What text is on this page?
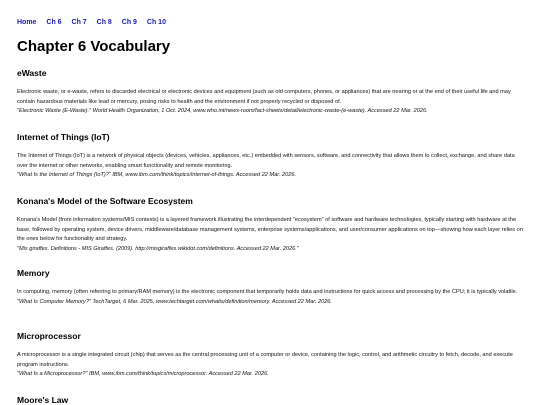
Home Ch 6 Ch 7 Ch 8 Ch 9 Ch 10
Chapter 6 Vocabulary
eWaste

Electronic waste, or e-waste, refers to discarded electrical or electronic devices and equipment (such as old computers, phones, or appliances) that are nearing or at the end of their useful life and may contain hazardous materials like lead or mercury, posing risks to health and the environment if not properly recycled or disposed of.

"Electronic Waste (E-Waste)." World Health Organization, 1 Oct. 2024, www.who.int/news-room/fact-sheets/detail/electronic-waste-(e-waste). Accessed 22 Mar. 2026.

Internet of Things (IoT)

The Internet of Things (IoT) is a network of physical objects (devices, vehicles, appliances, etc.) embedded with sensors, software, and connectivity that allows them to collect, exchange, and share data over the internet or other networks, enabling smart functionality and remote monitoring.

"What Is the Internet of Things (IoT)?" IBM, www.ibm.com/think/topics/internet-of-things. Accessed 22 Mar. 2026.

Konana's Model of the Software Ecosystem

Konana's Model (from information systems/MIS contexts) is a layered framework illustrating the interdependent "ecosystem" of software and hardware technologies, typically starting with hardware at the base, followed by operating system, device drivers, middleware/database management systems, enterprise systems/applications, and user/consumer applications on top—showing how each layer relies on the ones below for functionality and strategy.

"Mis giraffes. Definitions - MIS Giraffes. (2009). http://misgiraffes.wikidot.com/definitions. Accessed 22 Mar. 2026."

Memory

In computing, memory (often referring to primary/RAM memory) is the electronic component that temporarily holds data and instructions for quick access and processing by the CPU; it is typically volatile.

"What Is Computer Memory?" TechTarget, 6 Mar. 2025, www.techtarget.com/whatis/definition/memory. Accessed 22 Mar. 2026.

Microprocessor

A microprocessor is a single integrated circuit (chip) that serves as the central processing unit of a computer or device, containing the logic, control, and arithmetic circuitry to fetch, decode, and execute program instructions.

"What Is a Microprocessor?" IBM, www.ibm.com/think/topics/microprocessor. Accessed 22 Mar. 2026.

Moore's Law
